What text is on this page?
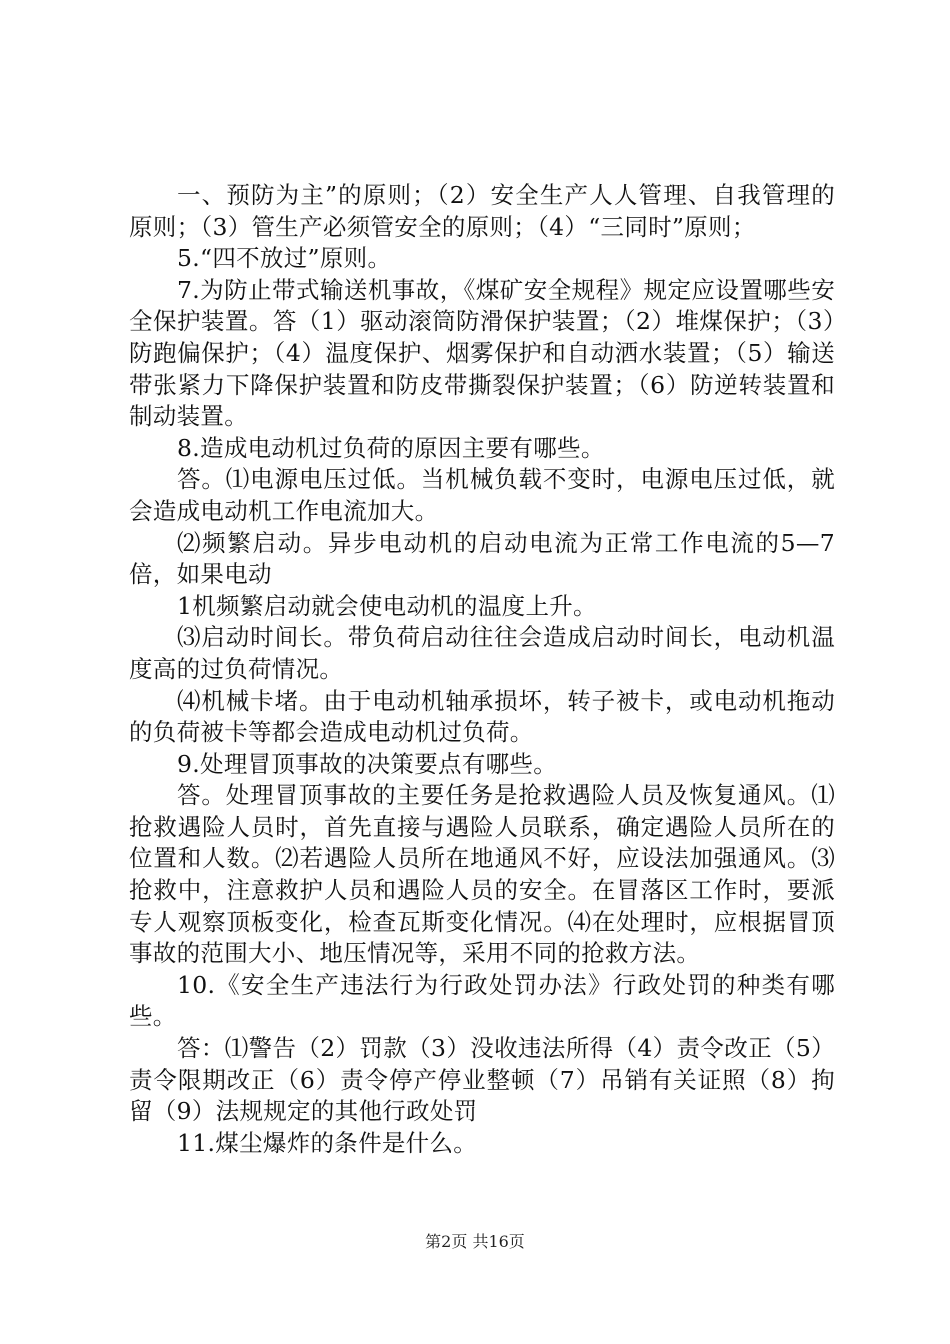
一、预防为主”的原则；（2）安全生产人人管理、自我管理的原则；（3）管生产必须管安全的原则；（4）“三同时”原则；

5.“四不放过”原则。

7.为防止带式输送机事故，《煤矿安全规程》规定应设置哪些安全保护装置。答（1）驱动滚筒防滑保护装置；（2）堆煤保护；（3）防跑偏保护；（4）温度保护、烟雾保护和自动洒水装置；（5）输送带张紧力下降保护装置和防皮带撕裂保护装置；（6）防逆转装置和制动装置。

8.造成电动机过负荷的原因主要有哪些。

答。⑴电源电压过低。当机械负载不变时，电源电压过低，就会造成电动机工作电流加大。

⑵频繁启动。异步电动机的启动电流为正常工作电流的5—7倍，如果电动

1机频繁启动就会使电动机的温度上升。

⑶启动时间长。带负荷启动往往会造成启动时间长，电动机温度高的过负荷情况。

⑷机械卡堵。由于电动机轴承损坏，转子被卡，或电动机拖动的负荷被卡等都会造成电动机过负荷。

9.处理冒顶事故的决策要点有哪些。

答。处理冒顶事故的主要任务是抢救遇险人员及恢复通风。⑴抢救遇险人员时，首先直接与遇险人员联系，确定遇险人员所在的位置和人数。⑵若遇险人员所在地通风不好，应设法加强通风。⑶抢救中，注意救护人员和遇险人员的安全。在冒落区工作时，要派专人观察顶板变化，检查瓦斯变化情况。⑷在处理时，应根据冒顶事故的范围大小、地压情况等，采用不同的抢救方法。

10.《安全生产违法行为行政处罚办法》行政处罚的种类有哪些。

答：⑴警告（2）罚款（3）没收违法所得（4）责令改正（5）责令限期改正（6）责令停产停业整顿（7）吊销有关证照（8）拘留（9）法规规定的其他行政处罚

11.煤尘爆炸的条件是什么。

第2页 共16页
